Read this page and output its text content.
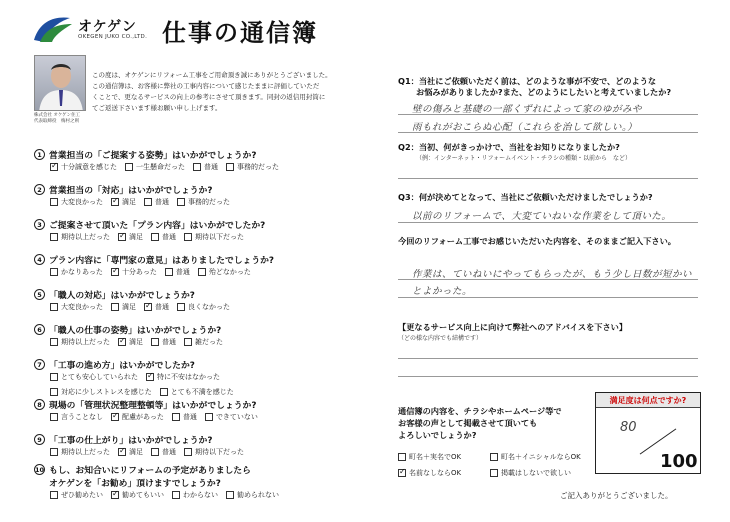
オケゲン
OKEGEN JUKO CO.,LTD. 仕事の通信簿
株式会社 オケゲン住工
代表取締役　梅村之則
この度は、オケゲンにリフォーム工事をご用命頂き誠にありがとうございました。
この通信簿は、お客様に弊社の工事内容について感じたままに評価していただ
くことで、更なるサービスの向上の参考にさせて頂きます。同封の返信用封筒に
てご返送下さいます様お願い申し上げます。
1 営業担当の「ご提案する姿勢」はいかがでしょうか?
✓
十分誠意を感じた	一生懸命だった	普通	事務的だった
2 営業担当の「対応」はいかがでしょうか?
大変良かった ✓	満足	普通	事務的だった
3 ご提案させて頂いた「プラン内容」はいかがでしたか?
期待以上だった ✓	満足	普通	期待以下だった
4 プラン内容に「専門家の意見」はありましたでしょうか?
かなりあった ✓	十分あった	普通	殆どなかった
5 「職人の対応」はいかがでしょうか?
大変良かった	満足 ✓	普通	良くなかった
6 「職人の仕事の姿勢」はいかがでしょうか?
期待以上だった ✓	満足	普通	雑だった
7 「工事の進め方」はいかがでしたか?
とても安心していられた ✓	特に不安はなかった
対応に少しストレスを感じた	とても不満を感じた
8 現場の「管理状況整理整頓等」はいかがでしょうか?
言うことなし ✓	配慮があった	普通	できていない
9 「工事の仕上がり」はいかがでしょうか?
期待以上だった ✓	満足	普通	期待以下だった
10 もし、お知合いにリフォームの予定がありましたら
オケゲンを「お勧め」頂けますでしょうか?
ぜひ勧めたい ✓	勧めてもいい	わからない	勧められない
Q1：当社にご依頼いただく前は、どのような事が不安で、どのような
お悩みがありましたか?また、どのようにしたいと考えていましたか?
壁の傷みと基礎の一部くずれによって家のゆがみや
雨もれがおこらぬ心配（これらを治して欲しい。）
Q2：当初、何がきっかけで、当社をお知りになりましたか?
（例：インターネット・リフォームイベント・チラシの種類・以前から　など）
Q3：何が決めてとなって、当社にご依頼いただけましたでしょうか?
以前のリフォームで、大変ていねいな作業をして頂いた。
今回のリフォーム工事でお感じいただいた内容を、そのままご記入下さい。
作業は、ていねいにやってもらったが、もう少し日数が短かい
とよかった。
【更なるサービス向上に向けて弊社へのアドバイスを下さい】
（どの様な内容でも結構です）
通信簿の内容を、チラシやホームページ等で
お客様の声として掲載させて頂いても
よろしいでしょうか?
町名＋実名でOK	町名＋イニシャルならOK
✓
名前なしならOK	掲載はしないで欲しい
満足度は何点ですか?
80
100
ご記入ありがとうございました。
